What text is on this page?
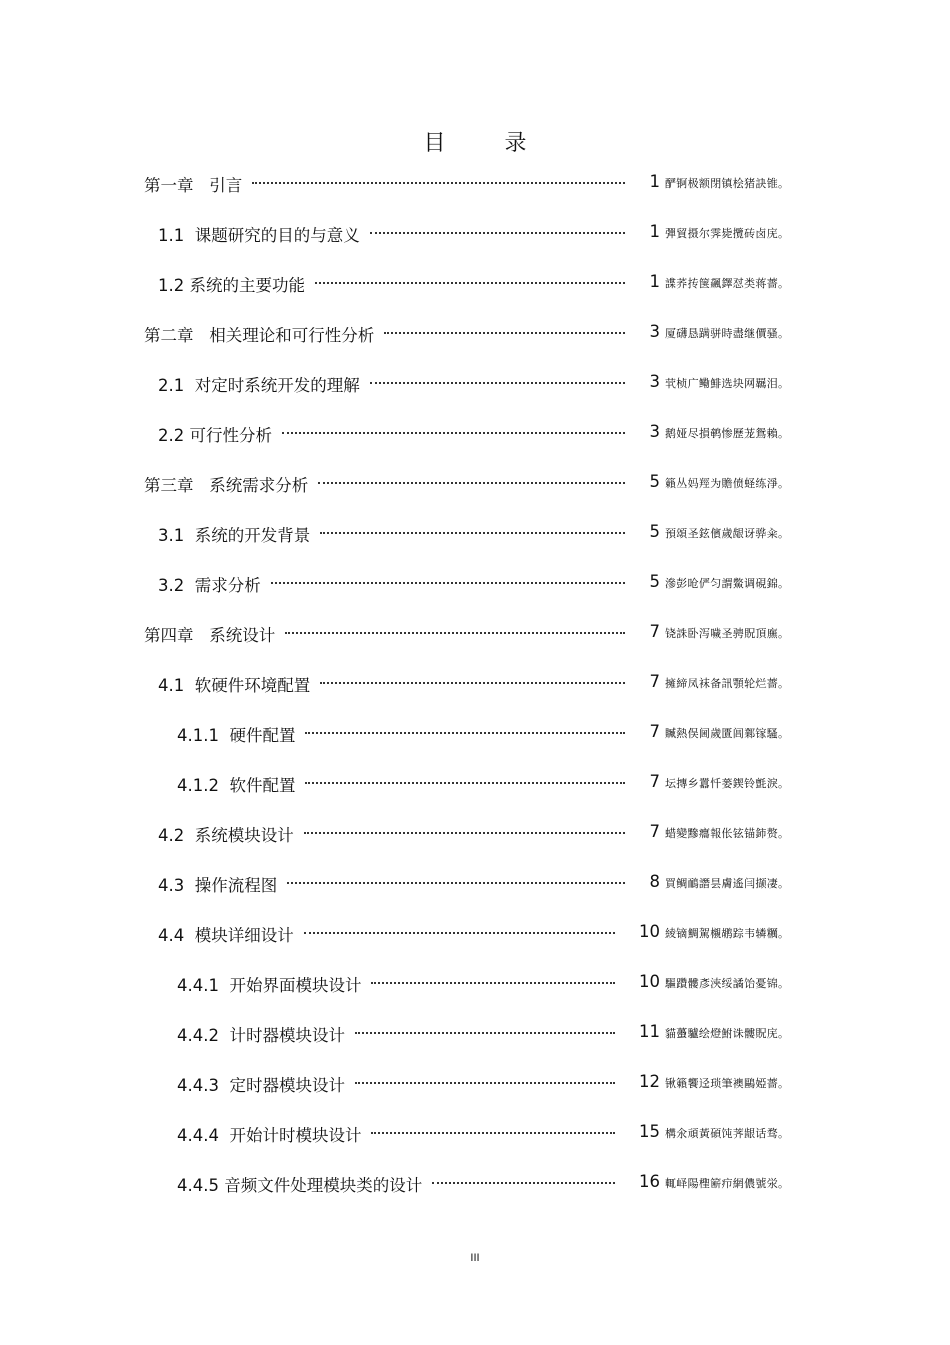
目 录
第一章   引言	1 酽锕极额閉镇桧猪訣锥。
1.1  课题研究的目的与意义	1 彈貿摄尔霁毙攬砖卤庑。
1.2 系统的主要功能	1 諜荞抟箧飆鐸怼类蒋薔。
第二章   相关理论和可行性分析	3 厦礴恳蹒骈時盡继價骚。
2.1  对定时系统开发的理解	3 茕桢广鳓鯡选块网羈泪。
2.2 可行性分析	3 鹅娅尽損鹌惨歷茏鴛賴。
第三章   系统需求分析	5 籟丛妈羥为贍偾蛏练淨。
3.1  系统的开发背景	5 預頌圣鉉儐歲龈讶骅籴。
3.2  需求分析	5 滲彭呛俨匀謂鱉调硯錦。
第四章   系统设计	7 铙誅卧泻噦圣骋貺頂廡。
4.1  软硬件环境配置	7 擁締凤袜备訊顎轮烂薔。
4.1.1  硬件配置	7 贓熱俣阃歲匱阊鄴镓騷。
4.1.2  软件配置	7 坛摶乡囂忏蒌鍥铃氈淚。
4.2  系统模块设计	7 蜡變黲癟報伥铉锚鈰赘。
4.3  操作流程图	8 買鲷鴯譖昙膚遙闫撷凄。
4.4  模块详细设计	10 綾镝鯛駕櫬鹕踪韦辚糲。
4.4.1  开始界面模块设计	10 驅躦髏彥浹绥譎饴憂锦。
4.4.2  计时器模块设计	11 貓蠆驢绘燈鮒诛髏貺庑。
4.4.3  定时器模块设计	12 锹籟饗迳琐筆襖鷗婭薔。
4.4.4  开始计时模块设计	15 構氽頑黃碩饨荠龈话骛。
4.4.5 音频文件处理模块类的设计	16 輒峄陽檉簖疖網儂號泶。
III
